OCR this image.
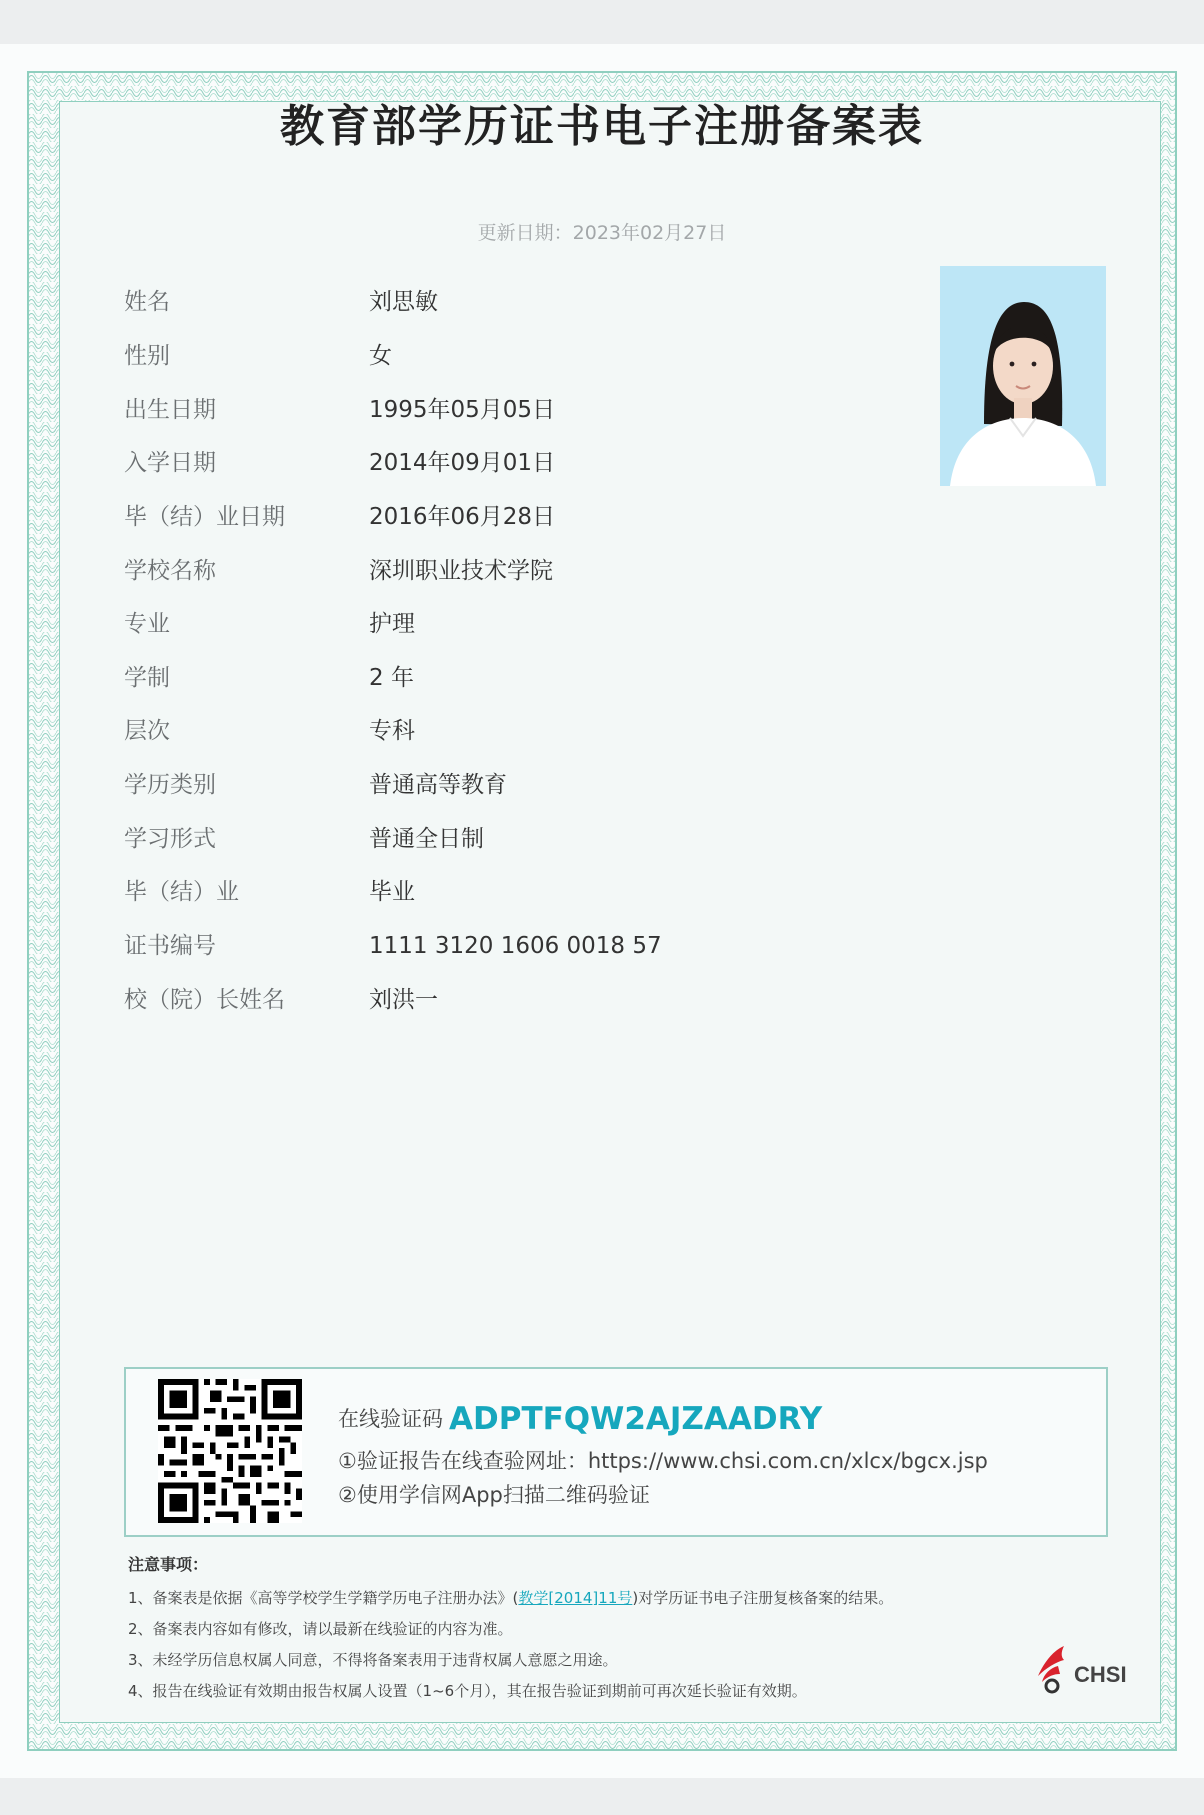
教育部学历证书电子注册备案表
更新日期：2023年02月27日
姓名	刘思敏
性别	女
出生日期	1995年05月05日
入学日期	2014年09月01日
毕（结）业日期	2016年06月28日
学校名称	深圳职业技术学院
专业	护理
学制	2 年
层次	专科
学历类别	普通高等教育
学习形式	普通全日制
毕（结）业	毕业
证书编号	1111 3120 1606 0018 57
校（院）长姓名	刘洪一
在线验证码 ADPTFQW2AJZAADRY
①验证报告在线查验网址：https://www.chsi.com.cn/xlcx/bgcx.jsp
②使用学信网App扫描二维码验证
注意事项：
1、备案表是依据《高等学校学生学籍学历电子注册办法》(教学[2014]11号)对学历证书电子注册复核备案的结果。
2、备案表内容如有修改，请以最新在线验证的内容为准。
3、未经学历信息权属人同意，不得将备案表用于违背权属人意愿之用途。
4、报告在线验证有效期由报告权属人设置（1~6个月），其在报告验证到期前可再次延长验证有效期。
CHSI
